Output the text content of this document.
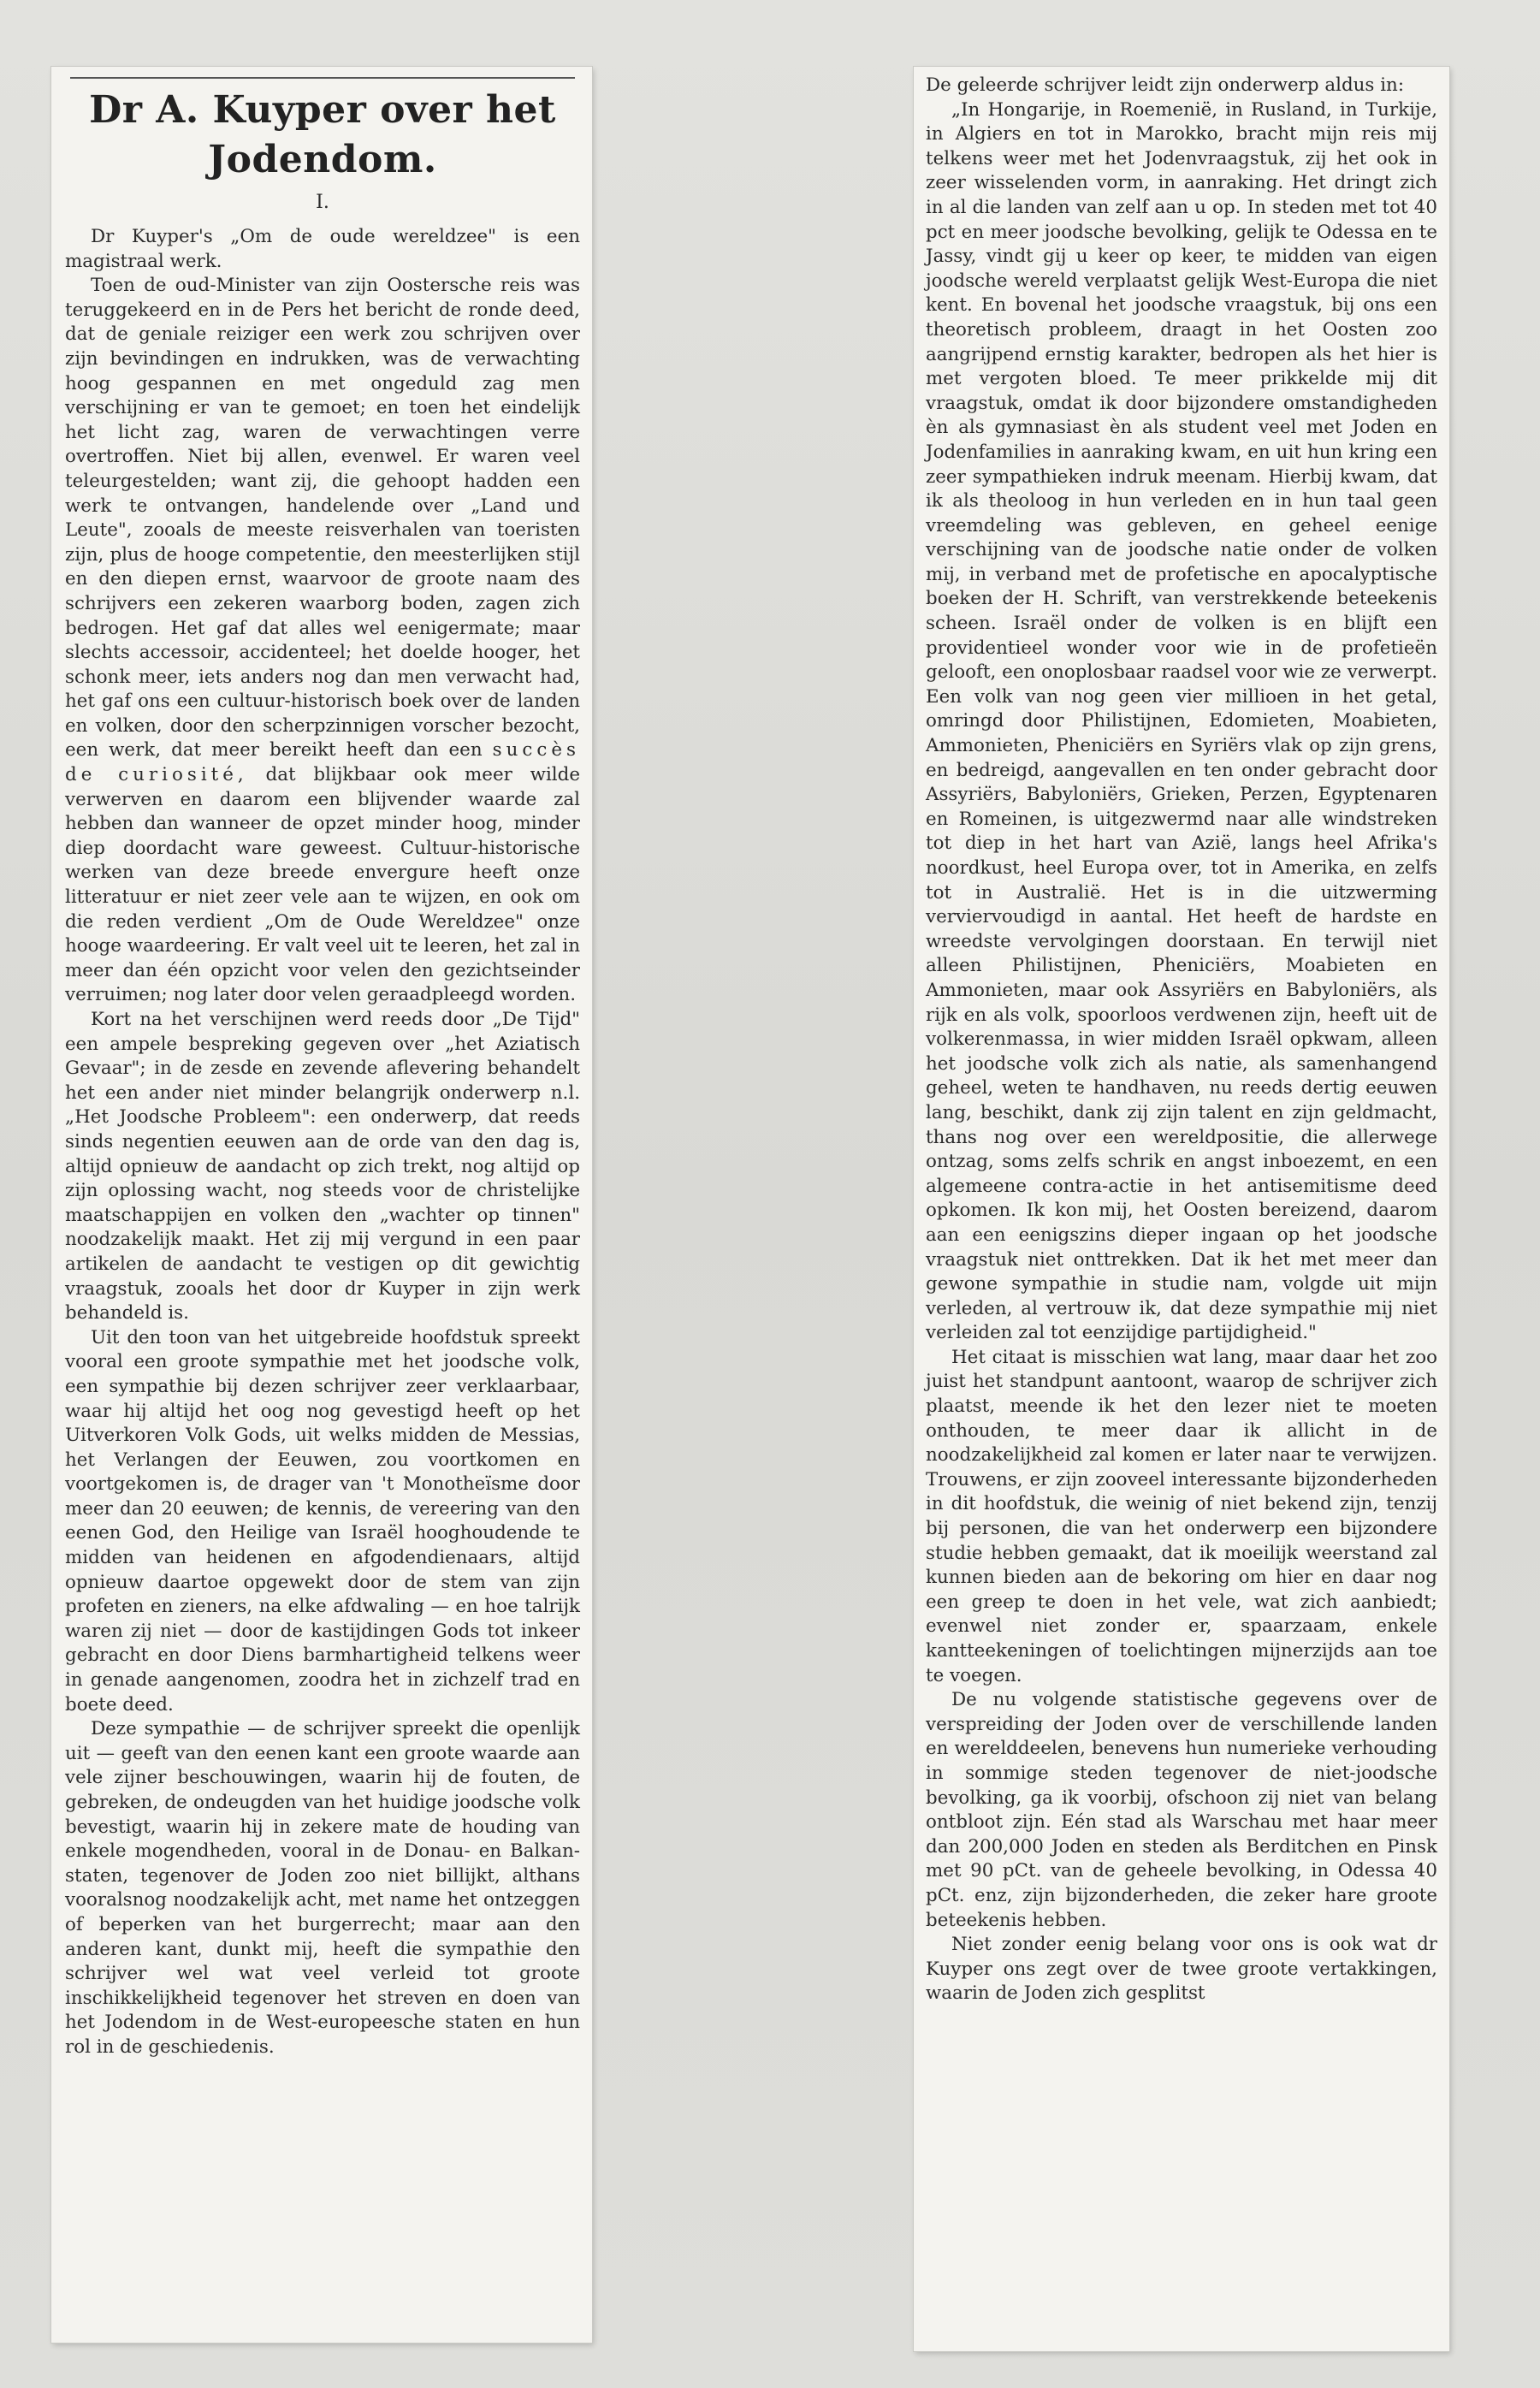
Dr A. Kuyper over het Jodendom.
I.

Dr Kuyper's „Om de oude wereldzee" is een magistraal werk.

Toen de oud-Minister van zijn Oostersche reis was teruggekeerd en in de Pers het bericht de ronde deed, dat de geniale reiziger een werk zou schrijven over zijn bevindingen en indrukken, was de verwachting hoog gespannen en met ongeduld zag men verschijning er van te gemoet; en toen het eindelijk het licht zag, waren de verwachtingen verre overtroffen. Niet bij allen, evenwel. Er waren veel teleurgestelden; want zij, die gehoopt hadden een werk te ontvangen, handelende over „Land und Leute", zooals de meeste reisverhalen van toeristen zijn, plus de hooge competentie, den meesterlijken stijl en den diepen ernst, waarvoor de groote naam des schrijvers een zekeren waarborg boden, zagen zich bedrogen. Het gaf dat alles wel eenigermate; maar slechts accessoir, accidenteel; het doelde hooger, het schonk meer, iets anders nog dan men verwacht had, het gaf ons een cultuur-historisch boek over de landen en volken, door den scherpzinnigen vorscher bezocht, een werk, dat meer bereikt heeft dan een succès de curiosité, dat blijkbaar ook meer wilde verwerven en daarom een blijvender waarde zal hebben dan wanneer de opzet minder hoog, minder diep doordacht ware geweest. Cultuur-historische werken van deze breede envergure heeft onze litteratuur er niet zeer vele aan te wijzen, en ook om die reden verdient „Om de Oude Wereldzee" onze hooge waardeering. Er valt veel uit te leeren, het zal in meer dan één opzicht voor velen den gezichtseinder verruimen; nog later door velen geraadpleegd worden.

Kort na het verschijnen werd reeds door „De Tijd" een ampele bespreking gegeven over „het Aziatisch Gevaar"; in de zesde en zevende aflevering behandelt het een ander niet minder belangrijk onderwerp n.l. „Het Joodsche Probleem": een onderwerp, dat reeds sinds negentien eeuwen aan de orde van den dag is, altijd opnieuw de aandacht op zich trekt, nog altijd op zijn oplossing wacht, nog steeds voor de christelijke maatschappijen en volken den „wachter op tinnen" noodzakelijk maakt. Het zij mij vergund in een paar artikelen de aandacht te vestigen op dit gewichtig vraagstuk, zooals het door dr Kuyper in zijn werk behandeld is.

Uit den toon van het uitgebreide hoofdstuk spreekt vooral een groote sympathie met het joodsche volk, een sympathie bij dezen schrijver zeer verklaarbaar, waar hij altijd het oog nog gevestigd heeft op het Uitverkoren Volk Gods, uit welks midden de Messias, het Verlangen der Eeuwen, zou voortkomen en voortgekomen is, de drager van 't Monotheïsme door meer dan 20 eeuwen; de kennis, de vereering van den eenen God, den Heilige van Israël hooghoudende te midden van heidenen en afgodendienaars, altijd opnieuw daartoe opgewekt door de stem van zijn profeten en zieners, na elke afdwaling — en hoe talrijk waren zij niet — door de kastijdingen Gods tot inkeer gebracht en door Diens barmhartigheid telkens weer in genade aangenomen, zoodra het in zichzelf trad en boete deed.

Deze sympathie — de schrijver spreekt die openlijk uit — geeft van den eenen kant een groote waarde aan vele zijner beschouwingen, waarin hij de fouten, de gebreken, de ondeugden van het huidige joodsche volk bevestigt, waarin hij in zekere mate de houding van enkele mogendheden, vooral in de Donau- en Balkan-staten, tegenover de Joden zoo niet billijkt, althans vooralsnog noodzakelijk acht, met name het ontzeggen of beperken van het burgerrecht; maar aan den anderen kant, dunkt mij, heeft die sympathie den schrijver wel wat veel verleid tot groote inschikkelijkheid tegenover het streven en doen van het Jodendom in de West-europeesche staten en hun rol in de geschiedenis.

De geleerde schrijver leidt zijn onderwerp aldus in:

„In Hongarije, in Roemenië, in Rusland, in Turkije, in Algiers en tot in Marokko, bracht mijn reis mij telkens weer met het Jodenvraagstuk, zij het ook in zeer wisselenden vorm, in aanraking. Het dringt zich in al die landen van zelf aan u op. In steden met tot 40 pct en meer joodsche bevolking, gelijk te Odessa en te Jassy, vindt gij u keer op keer, te midden van eigen joodsche wereld verplaatst gelijk West-Europa die niet kent. En bovenal het joodsche vraagstuk, bij ons een theoretisch probleem, draagt in het Oosten zoo aangrijpend ernstig karakter, bedropen als het hier is met vergoten bloed. Te meer prikkelde mij dit vraagstuk, omdat ik door bijzondere omstandigheden èn als gymnasiast èn als student veel met Joden en Jodenfamilies in aanraking kwam, en uit hun kring een zeer sympathieken indruk meenam. Hierbij kwam, dat ik als theoloog in hun verleden en in hun taal geen vreemdeling was gebleven, en geheel eenige verschijning van de joodsche natie onder de volken mij, in verband met de profetische en apocalyptische boeken der H. Schrift, van verstrekkende beteekenis scheen. Israël onder de volken is en blijft een providentieel wonder voor wie in de profetieën gelooft, een onoplosbaar raadsel voor wie ze verwerpt. Een volk van nog geen vier millioen in het getal, omringd door Philistijnen, Edomieten, Moabieten, Ammonieten, Pheniciërs en Syriërs vlak op zijn grens, en bedreigd, aangevallen en ten onder gebracht door Assyriërs, Babyloniërs, Grieken, Perzen, Egyptenaren en Romeinen, is uitgezwermd naar alle windstreken tot diep in het hart van Azië, langs heel Afrika's noordkust, heel Europa over, tot in Amerika, en zelfs tot in Australië. Het is in die uitzwerming verviervoudigd in aantal. Het heeft de hardste en wreedste vervolgingen doorstaan. En terwijl niet alleen Philistijnen, Pheniciërs, Moabieten en Ammonieten, maar ook Assyriërs en Babyloniërs, als rijk en als volk, spoorloos verdwenen zijn, heeft uit de volkerenmassa, in wier midden Israël opkwam, alleen het joodsche volk zich als natie, als samenhangend geheel, weten te handhaven, nu reeds dertig eeuwen lang, beschikt, dank zij zijn talent en zijn geldmacht, thans nog over een wereldpositie, die allerwege ontzag, soms zelfs schrik en angst inboezemt, en een algemeene contra-actie in het antisemitisme deed opkomen. Ik kon mij, het Oosten bereizend, daarom aan een eenigszins dieper ingaan op het joodsche vraagstuk niet onttrekken. Dat ik het met meer dan gewone sympathie in studie nam, volgde uit mijn verleden, al vertrouw ik, dat deze sympathie mij niet verleiden zal tot eenzijdige partijdigheid."

Het citaat is misschien wat lang, maar daar het zoo juist het standpunt aantoont, waarop de schrijver zich plaatst, meende ik het den lezer niet te moeten onthouden, te meer daar ik allicht in de noodzakelijkheid zal komen er later naar te verwijzen. Trouwens, er zijn zooveel interessante bijzonderheden in dit hoofdstuk, die weinig of niet bekend zijn, tenzij bij personen, die van het onderwerp een bijzondere studie hebben gemaakt, dat ik moeilijk weerstand zal kunnen bieden aan de bekoring om hier en daar nog een greep te doen in het vele, wat zich aanbiedt; evenwel niet zonder er, spaarzaam, enkele kantteekeningen of toelichtingen mijnerzijds aan toe te voegen.

De nu volgende statistische gegevens over de verspreiding der Joden over de verschillende landen en werelddeelen, benevens hun numerieke verhouding in sommige steden tegenover de niet-joodsche bevolking, ga ik voorbij, ofschoon zij niet van belang ontbloot zijn. Eén stad als Warschau met haar meer dan 200,000 Joden en steden als Berditchen en Pinsk met 90 pCt. van de geheele bevolking, in Odessa 40 pCt. enz, zijn bijzonderheden, die zeker hare groote beteekenis hebben.

Niet zonder eenig belang voor ons is ook wat dr Kuyper ons zegt over de twee groote vertakkingen, waarin de Joden zich gesplitst
